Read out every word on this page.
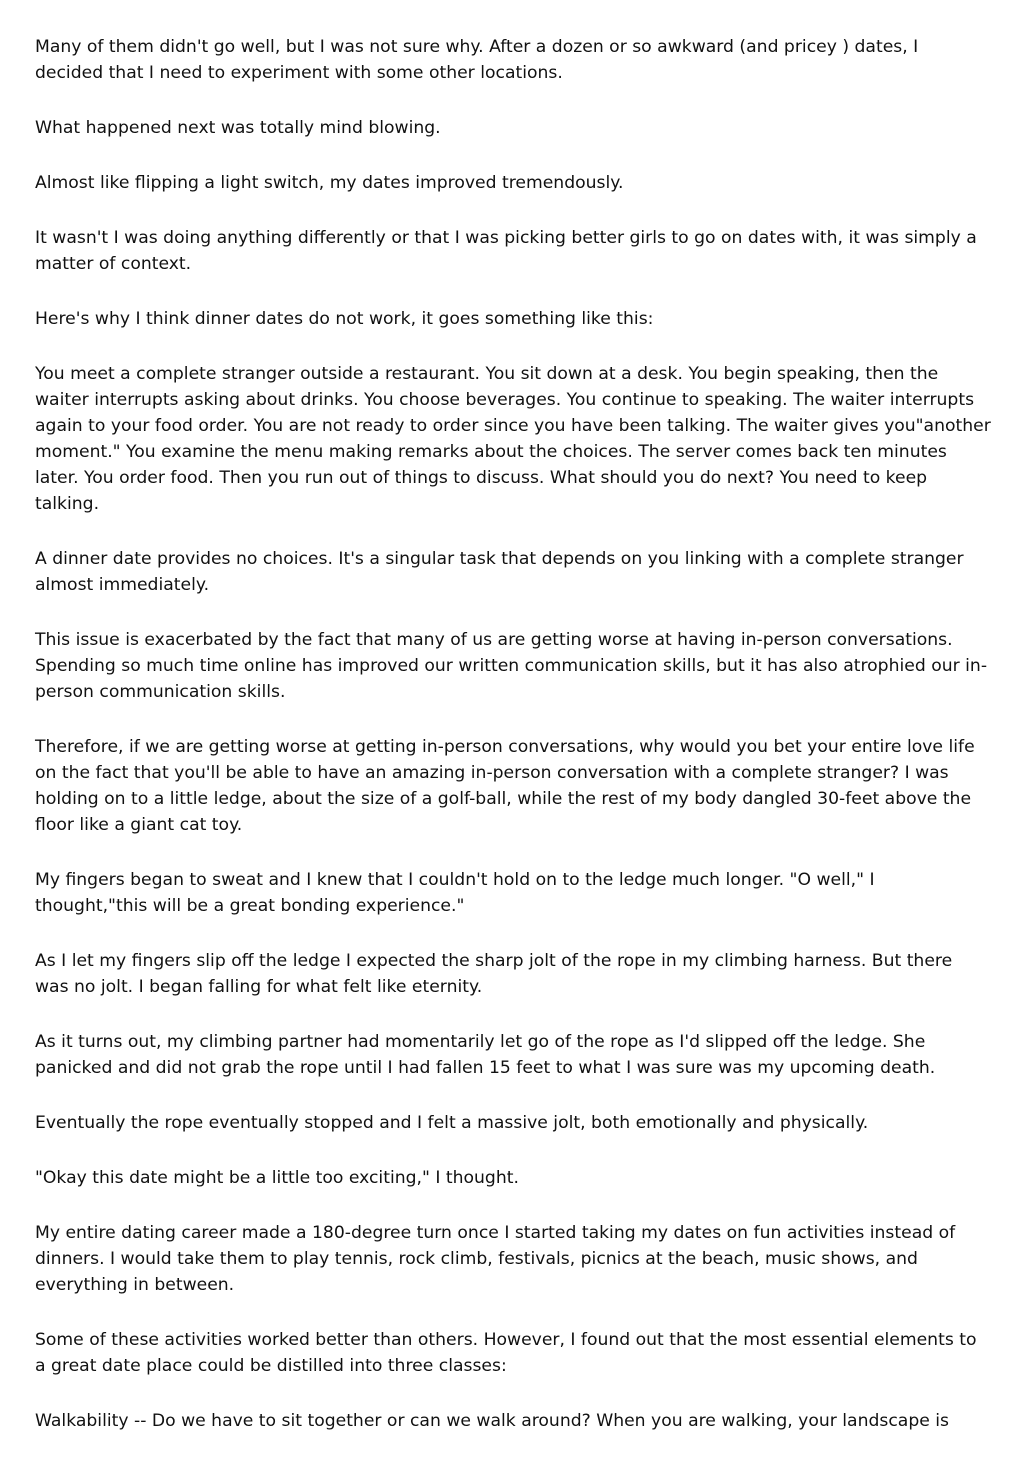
Many of them didn't go well, but I was not sure why. After a dozen or so awkward (and pricey ) dates, I decided that I need to experiment with some other locations.

What happened next was totally mind blowing.

Almost like flipping a light switch, my dates improved tremendously.

It wasn't I was doing anything differently or that I was picking better girls to go on dates with, it was simply a matter of context.

Here's why I think dinner dates do not work, it goes something like this:

You meet a complete stranger outside a restaurant. You sit down at a desk. You begin speaking, then the waiter interrupts asking about drinks. You choose beverages. You continue to speaking. The waiter interrupts again to your food order. You are not ready to order since you have been talking. The waiter gives you"another moment." You examine the menu making remarks about the choices. The server comes back ten minutes later. You order food. Then you run out of things to discuss. What should you do next? You need to keep talking.

A dinner date provides no choices. It's a singular task that depends on you linking with a complete stranger almost immediately.

This issue is exacerbated by the fact that many of us are getting worse at having in-person conversations. Spending so much time online has improved our written communication skills, but it has also atrophied our in-person communication skills.

Therefore, if we are getting worse at getting in-person conversations, why would you bet your entire love life on the fact that you'll be able to have an amazing in-person conversation with a complete stranger? I was holding on to a little ledge, about the size of a golf-ball, while the rest of my body dangled 30-feet above the floor like a giant cat toy.

My fingers began to sweat and I knew that I couldn't hold on to the ledge much longer. "O well," I thought,"this will be a great bonding experience."

As I let my fingers slip off the ledge I expected the sharp jolt of the rope in my climbing harness. But there was no jolt. I began falling for what felt like eternity.

As it turns out, my climbing partner had momentarily let go of the rope as I'd slipped off the ledge. She panicked and did not grab the rope until I had fallen 15 feet to what I was sure was my upcoming death.

Eventually the rope eventually stopped and I felt a massive jolt, both emotionally and physically.

"Okay this date might be a little too exciting," I thought.

My entire dating career made a 180-degree turn once I started taking my dates on fun activities instead of dinners. I would take them to play tennis, rock climb, festivals, picnics at the beach, music shows, and everything in between.

Some of these activities worked better than others. However, I found out that the most essential elements to a great date place could be distilled into three classes:

Walkability -- Do we have to sit together or can we walk around? When you are walking, your landscape is
